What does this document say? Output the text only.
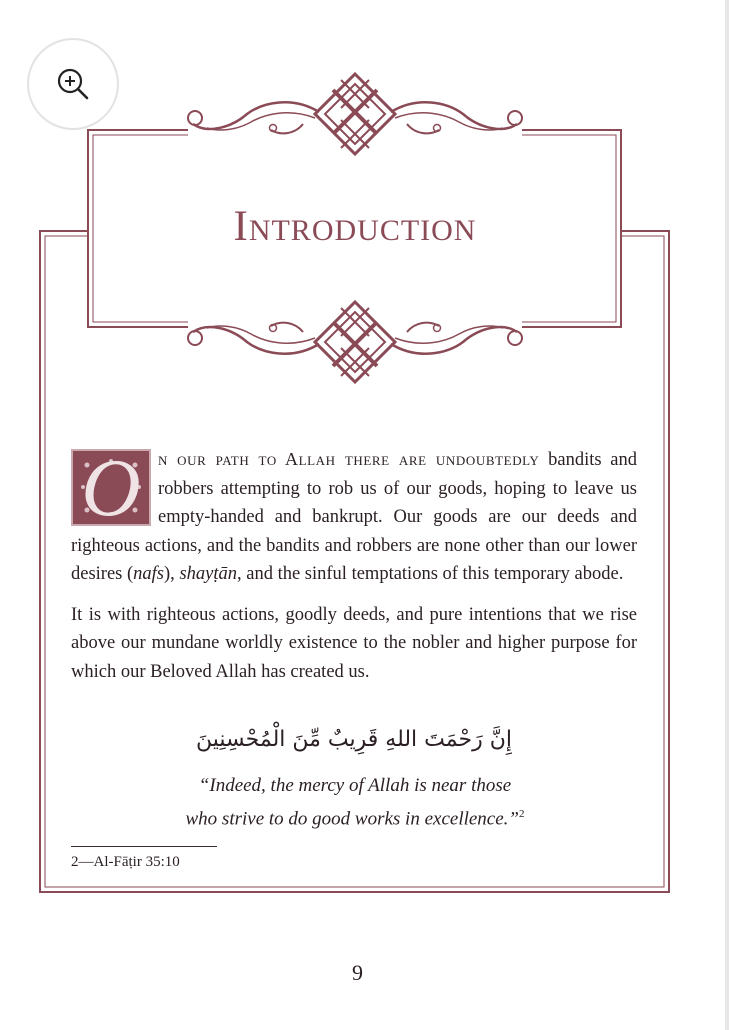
Introduction

O n our path to Allah there are undoubtedly bandits and robbers attempting to rob us of our goods, hoping to leave us empty-handed and bankrupt. Our goods are our deeds and righteous actions, and the bandits and robbers are none other than our lower desires (nafs), shayṭān, and the sinful temptations of this temporary abode.

It is with righteous actions, goodly deeds, and pure intentions that we rise above our mundane worldly existence to the nobler and higher purpose for which our Beloved Allah has created us.

إِنَّ رَحْمَتَ اللهِ قَرِيبٌ مِّنَ الْمُحْسِنِينَ
“Indeed, the mercy of Allah is near those
who strive to do good works in excellence.”$^2$
2—Al-Fāṭir 35:10
9
